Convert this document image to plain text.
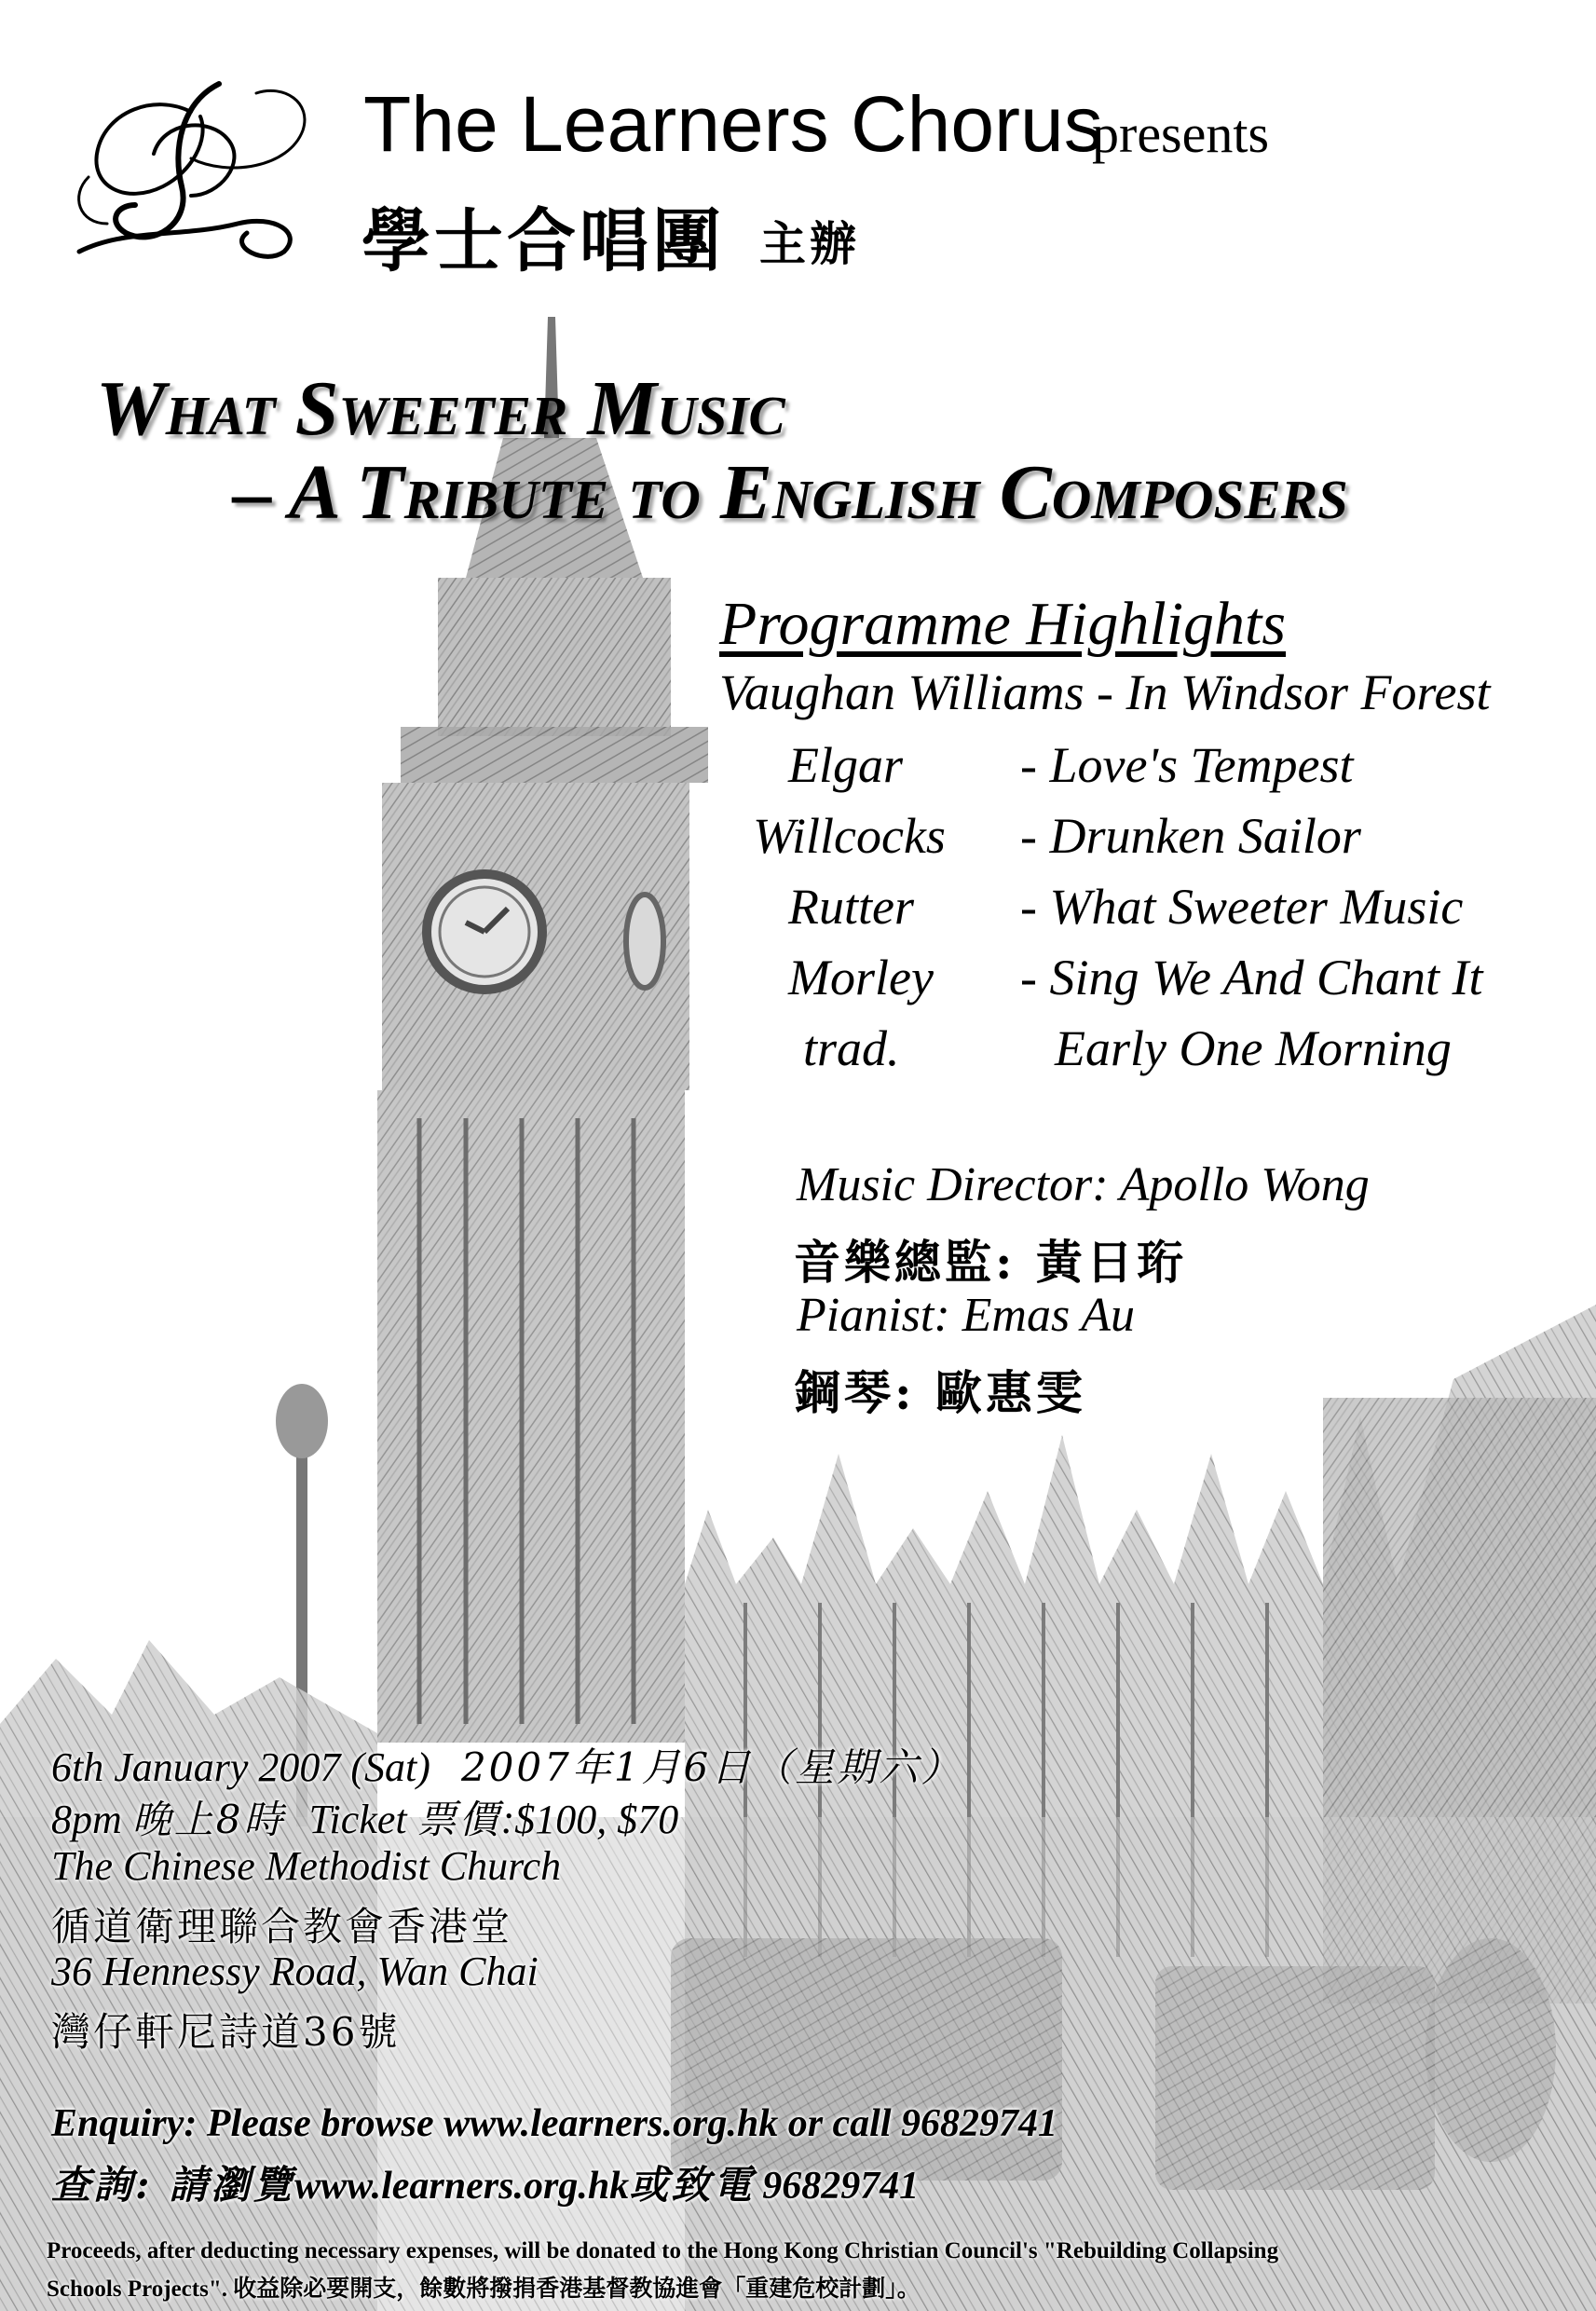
The Learners Chorus
presents
學士合唱團 主辦
What Sweeter Music
– A Tribute to English Composers
Programme Highlights
Vaughan Williams - In Windsor Forest
Elgar - Love's Tempest
Willcocks - Drunken Sailor
Rutter - What Sweeter Music
Morley - Sing We And Chant It
trad.	Early One Morning
Music Director: Apollo Wong
音樂總監: 黃日珩
Pianist: Emas Au
鋼琴: 歐惠雯
6th January 2007 (Sat) 2007年1月6日（星期六）
8pm 晚上8時 Ticket 票價:$100, $70
The Chinese Methodist Church
循道衛理聯合教會香港堂
36 Hennessy Road, Wan Chai
灣仔軒尼詩道36號
Enquiry: Please browse www.learners.org.hk or call 96829741
查詢: 請瀏覽www.learners.org.hk或致電 96829741
Proceeds, after deducting necessary expenses, will be donated to the Hong Kong Christian Council's "Rebuilding Collapsing
Schools Projects". 收益除必要開支，餘數將撥捐香港基督教協進會「重建危校計劃」。
